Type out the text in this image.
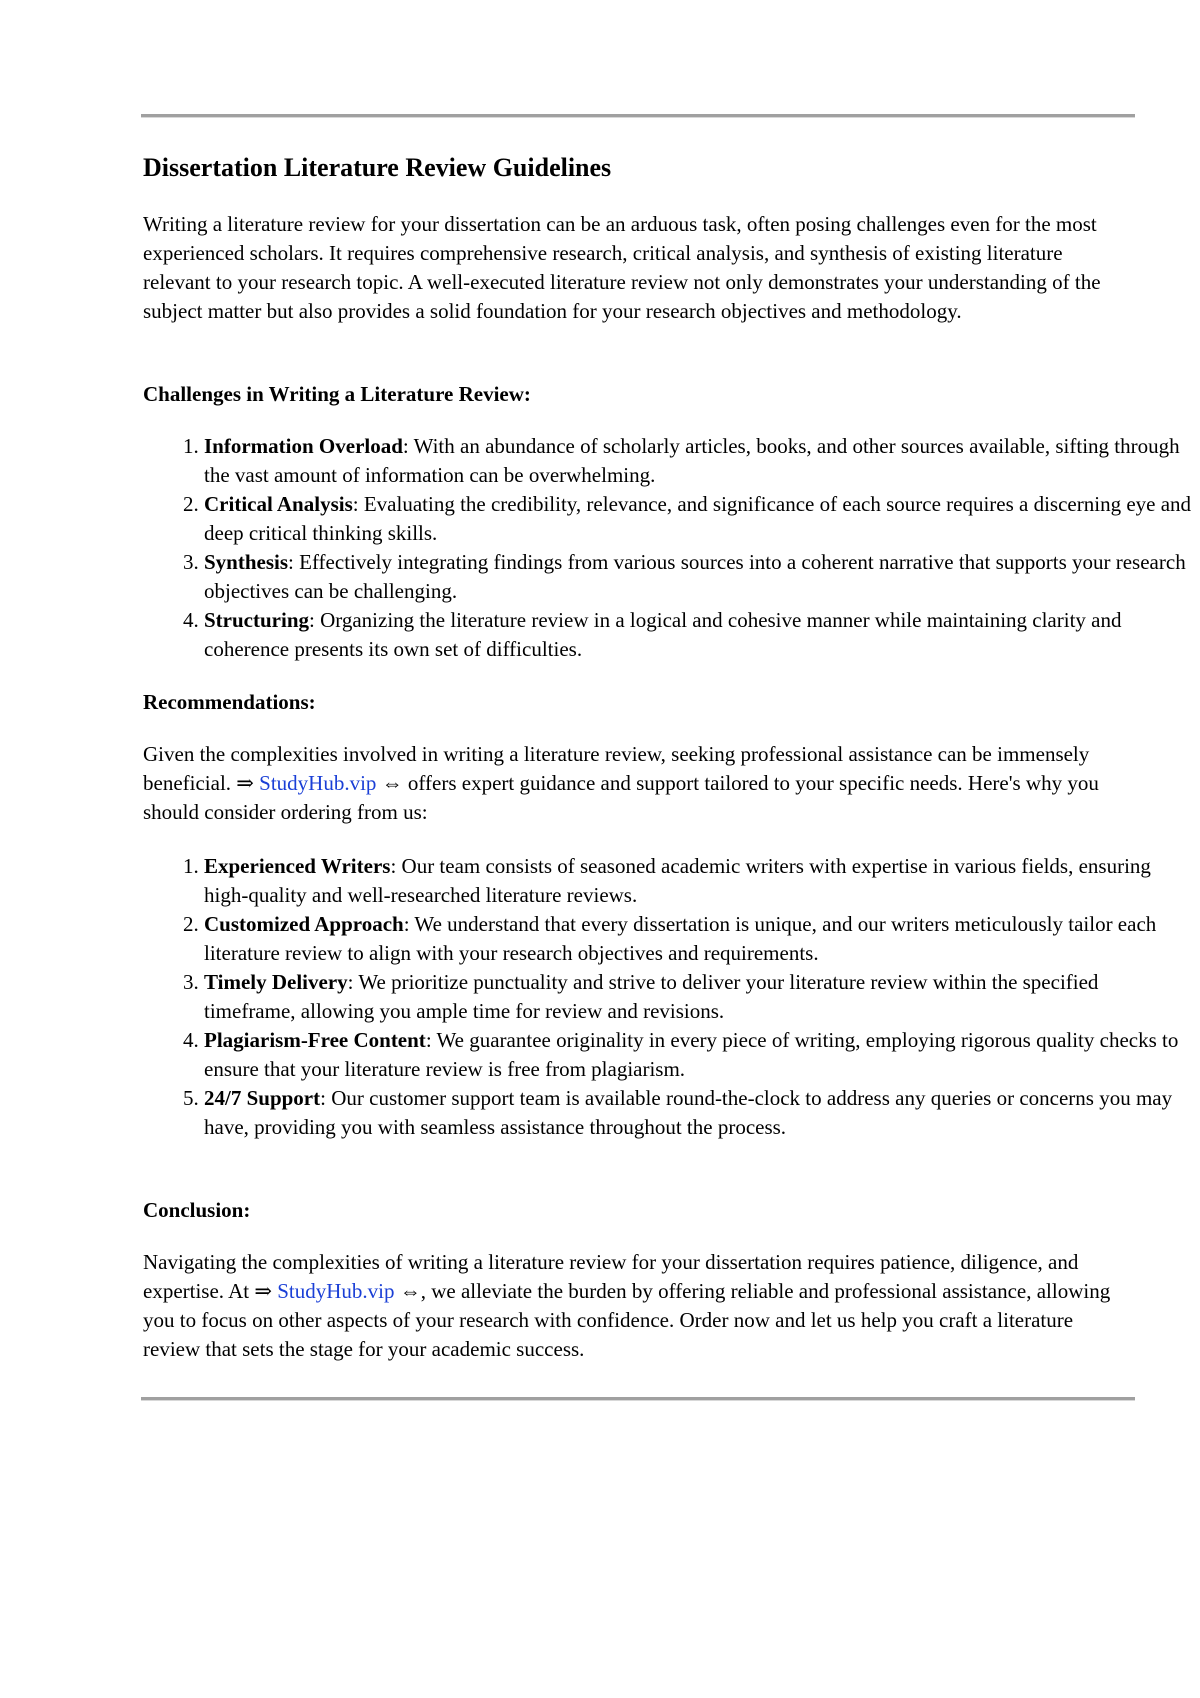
Dissertation Literature Review Guidelines

Writing a literature review for your dissertation can be an arduous task, often posing challenges even for the most experienced scholars. It requires comprehensive research, critical analysis, and synthesis of existing literature relevant to your research topic. A well-executed literature review not only demonstrates your understanding of the subject matter but also provides a solid foundation for your research objectives and methodology.

Challenges in Writing a Literature Review:

1. Information Overload: With an abundance of scholarly articles, books, and other sources available, sifting through the vast amount of information can be overwhelming.
2. Critical Analysis: Evaluating the credibility, relevance, and significance of each source requires a discerning eye and deep critical thinking skills.
3. Synthesis: Effectively integrating findings from various sources into a coherent narrative that supports your research objectives can be challenging.
4. Structuring: Organizing the literature review in a logical and cohesive manner while maintaining clarity and coherence presents its own set of difficulties.

Recommendations:

Given the complexities involved in writing a literature review, seeking professional assistance can be immensely beneficial. ⇒ StudyHub.vip ⇔ offers expert guidance and support tailored to your specific needs. Here's why you should consider ordering from us:

1. Experienced Writers: Our team consists of seasoned academic writers with expertise in various fields, ensuring high-quality and well-researched literature reviews.
2. Customized Approach: We understand that every dissertation is unique, and our writers meticulously tailor each literature review to align with your research objectives and requirements.
3. Timely Delivery: We prioritize punctuality and strive to deliver your literature review within the specified timeframe, allowing you ample time for review and revisions.
4. Plagiarism-Free Content: We guarantee originality in every piece of writing, employing rigorous quality checks to ensure that your literature review is free from plagiarism.
5. 24/7 Support: Our customer support team is available round-the-clock to address any queries or concerns you may have, providing you with seamless assistance throughout the process.

Conclusion:

Navigating the complexities of writing a literature review for your dissertation requires patience, diligence, and expertise. At ⇒ StudyHub.vip ⇔, we alleviate the burden by offering reliable and professional assistance, allowing you to focus on other aspects of your research with confidence. Order now and let us help you craft a literature review that sets the stage for your academic success.
